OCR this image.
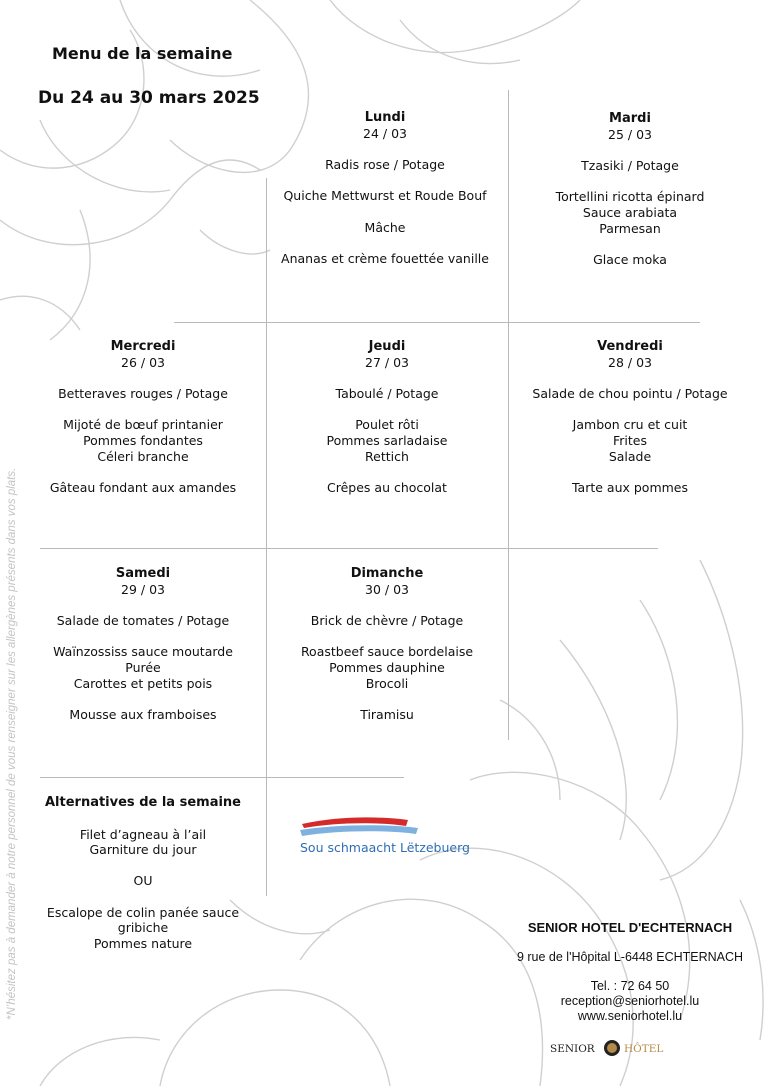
Menu de la semaine
Du 24 au 30 mars 2025
Lundi
24 / 03
Radis rose / Potage
Quiche Mettwurst et Roude Bouf
Mâche
Ananas et crème fouettée vanille
Mardi
25 / 03
Tzasiki / Potage
Tortellini ricotta épinard
Sauce arabiata
Parmesan
Glace moka
Mercredi
26 / 03
Betteraves rouges / Potage
Mijoté de bœuf printanier
Pommes fondantes
Céleri branche
Gâteau fondant aux amandes
Jeudi
27 / 03
Taboulé / Potage
Poulet rôti
Pommes sarladaise
Rettich
Crêpes au chocolat
Vendredi
28 / 03
Salade de chou pointu / Potage
Jambon cru et cuit
Frites
Salade
Tarte aux pommes
Samedi
29 / 03
Salade de tomates / Potage
Waïnzossiss sauce moutarde
Purée
Carottes et petits pois
Mousse aux framboises
Dimanche
30 / 03
Brick de chèvre / Potage
Roastbeef sauce bordelaise
Pommes dauphine
Brocoli
Tiramisu
Alternatives de la semaine
Filet d’agneau à l’ail
Garniture du jour
OU
Escalope de colin panée sauce
gribiche
Pommes nature
*N’hésitez pas à demander à notre personnel de vous renseigner sur les allergènes présents dans vos plats.	Sou schmaacht Lëtzebuerg
SENIOR HOTEL D'ECHTERNACH
9 rue de l'Hôpital L-6448 ECHTERNACH
Tel. : 72 64 50
reception@seniorhotel.lu
www.seniorhotel.lu
SENIOR	HÔTEL
